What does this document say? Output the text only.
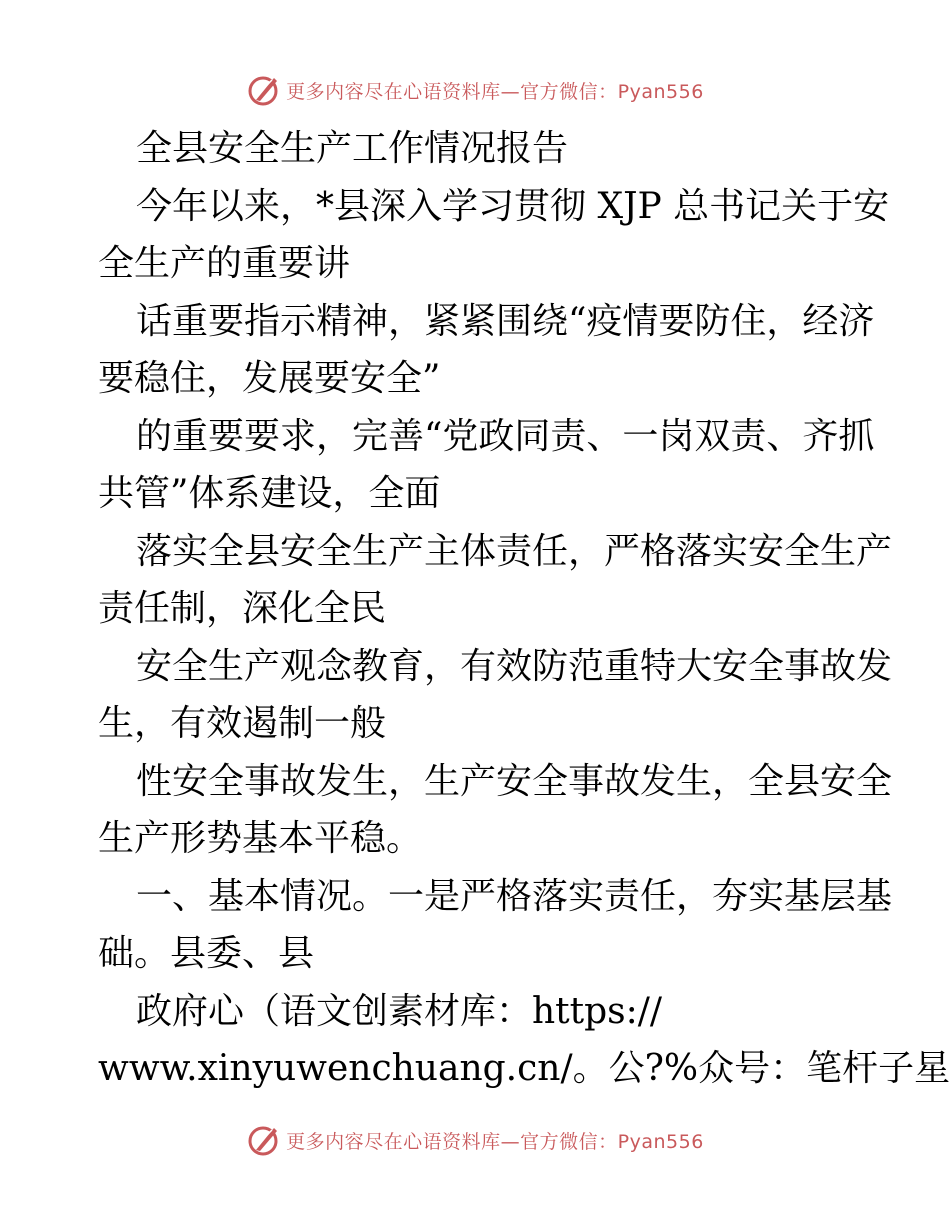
更多内容尽在心语资料库—官方微信：Pyan556
全县安全生产工作情况报告
今年以来，*县深入学习贯彻 XJP 总书记关于安
全生产的重要讲
话重要指示精神，紧紧围绕“疫情要防住，经济
要稳住，发展要安全”
的重要要求，完善“党政同责、一岗双责、齐抓
共管”体系建设，全面
落实全县安全生产主体责任，严格落实安全生产
责任制，深化全民
安全生产观念教育，有效防范重特大安全事故发
生，有效遏制一般
性安全事故发生，生产安全事故发生，全县安全
生产形势基本平稳。
一、基本情况。一是严格落实责任，夯实基层基
础。县委、县
政府心（语文创素材库：https://
www.xinyuwenchuang.cn/。公?%众号：笔杆子星
更多内容尽在心语资料库—官方微信：Pyan556
